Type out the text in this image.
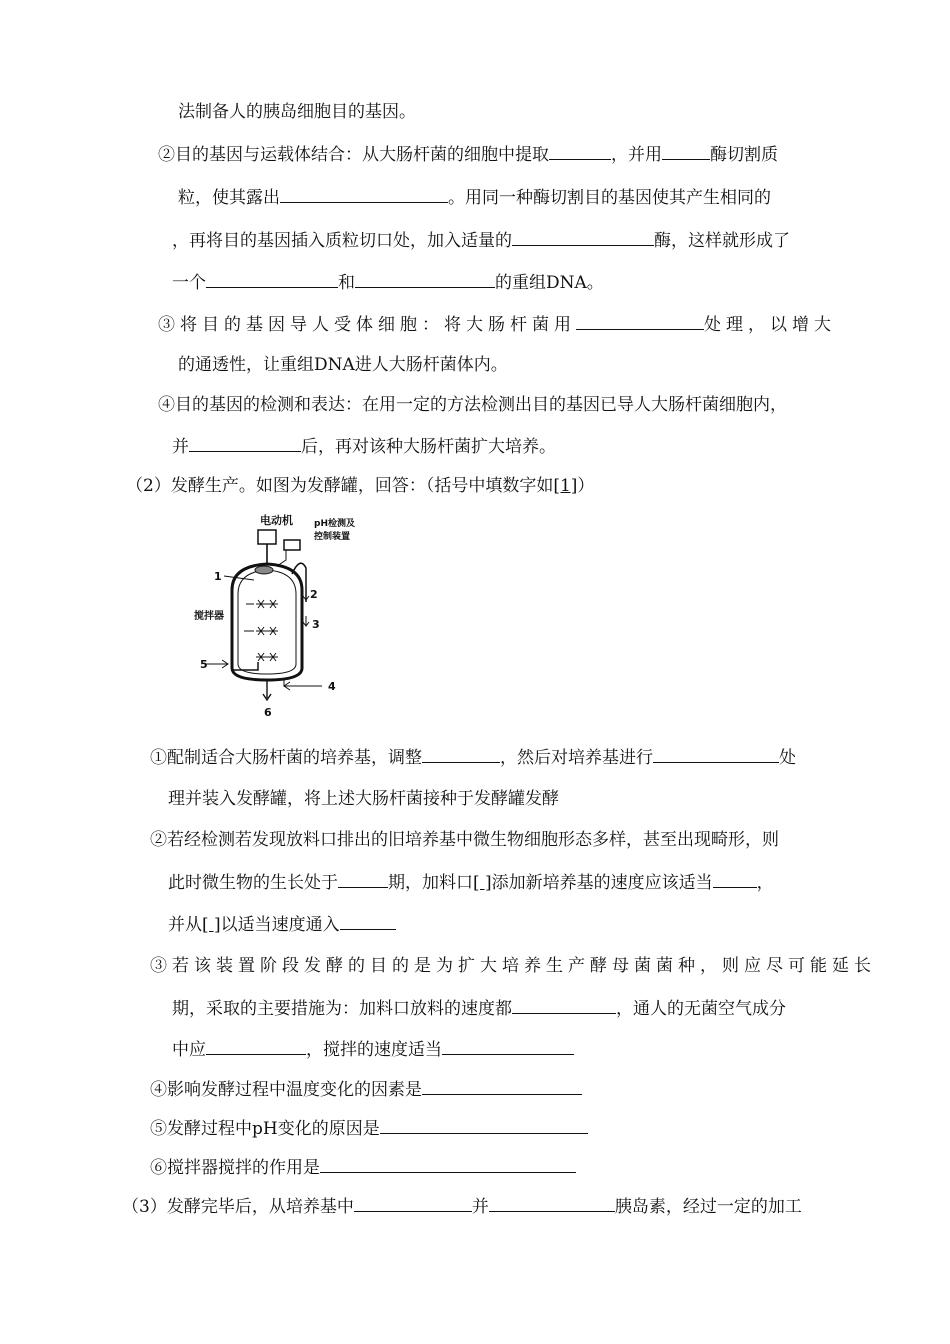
法制备人的胰岛细胞目的基因。
②目的基因与运载体结合：从大肠杆菌的细胞中提取	，并用	酶切割质
粒，使其露出	。用同一种酶切割目的基因使其产生相同的
，再将目的基因插入质粒切口处，加入适量的	酶，这样就形成了
一个	和	的重组DNA。
③将目的基因导人受体细胞：将大肠杆菌用	处理，以增大
的通透性，让重组DNA进人大肠杆菌体内。
④目的基因的检测和表达：在用一定的方法检测出目的基因已导人大肠杆菌细胞内，
并	后，再对该种大肠杆菌扩大培养。
（2）发酵生产。如图为发酵罐，回答：（括号中填数字如[1]）
电动机 pH检测及
控制装置
1
2
3
5
4
6
搅拌器
①配制适合大肠杆菌的培养基，调整	，然后对培养基进行	处
理并装入发酵罐，将上述大肠杆菌接种于发酵罐发酵
②若经检测若发现放料口排出的旧培养基中微生物细胞形态多样，甚至出现畸形，则
此时微生物的生长处于	期，加料口[ ]添加新培养基的速度应该适当	，
并从[ ]以适当速度通入
③若该装置阶段发酵的目的是为扩大培养生产酵母菌菌种，则应尽可能延长
期，采取的主要措施为：加料口放料的速度都	，通人的无菌空气成分
中应	，搅拌的速度适当
④影响发酵过程中温度变化的因素是
⑤发酵过程中pH变化的原因是
⑥搅拌器搅拌的作用是
（3）发酵完毕后，从培养基中	并	胰岛素，经过一定的加工
